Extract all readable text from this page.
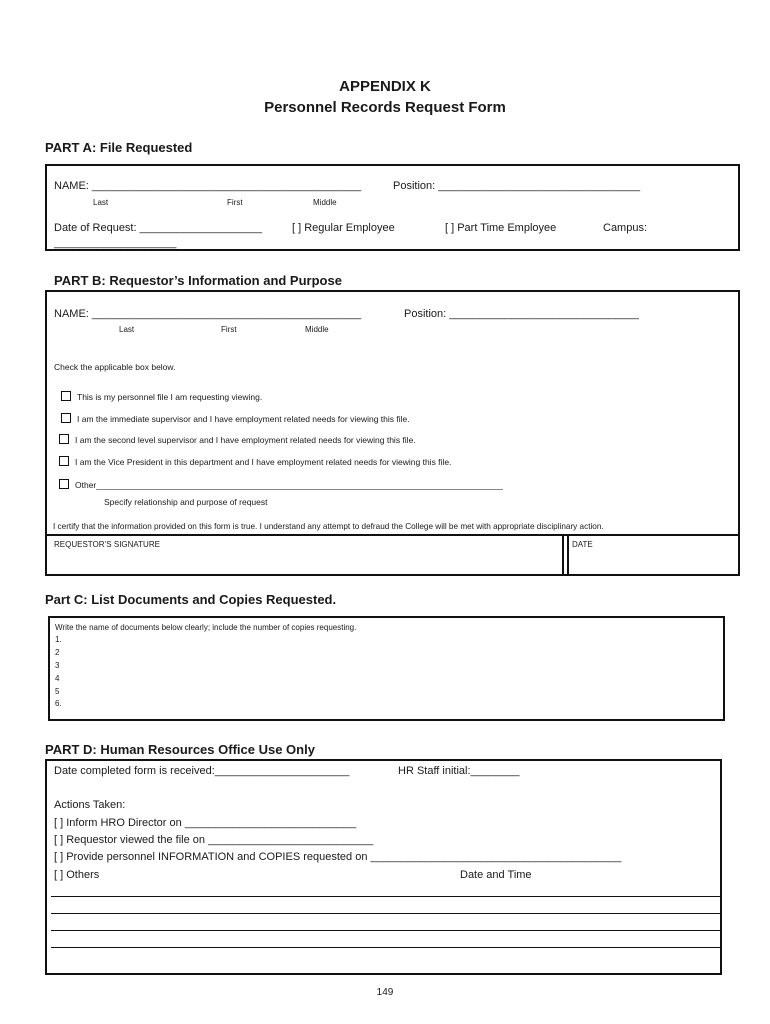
APPENDIX K
Personnel Records Request Form
PART A: File Requested
NAME: ____________________________________________	Position: _________________________________
Last	First	Middle
Date of Request: ____________________	[ ] Regular Employee	[ ] Part Time Employee	Campus:
____________________
PART B: Requestor’s Information and Purpose
NAME: ____________________________________________	Position: _______________________________
Last	First	Middle
Check the applicable box below.
This is my personnel file I am requesting viewing.
I am the immediate supervisor and I have employment related needs for viewing this file.
I am the second level supervisor and I have employment related needs for viewing this file.
I am the Vice President in this department and I have employment related needs for viewing this file.
Other______________________________________________________________________________________
Specify relationship and purpose of request
I certify that the information provided on this form is true. I understand any attempt to defraud the College will be met with appropriate disciplinary action.
REQUESTOR’S SIGNATURE	DATE
Part C: List Documents and Copies Requested.
Write the name of documents below clearly; include the number of copies requesting.
1.
2
3
4
5
6.
PART D: Human Resources Office Use Only
Date completed form is received:______________________	HR Staff initial:________
Actions Taken:
[ ] Inform HRO Director on ____________________________
[ ] Requestor viewed the file on ___________________________
[ ] Provide personnel INFORMATION and COPIES requested on _________________________________________
[ ] Others	Date and Time
149
